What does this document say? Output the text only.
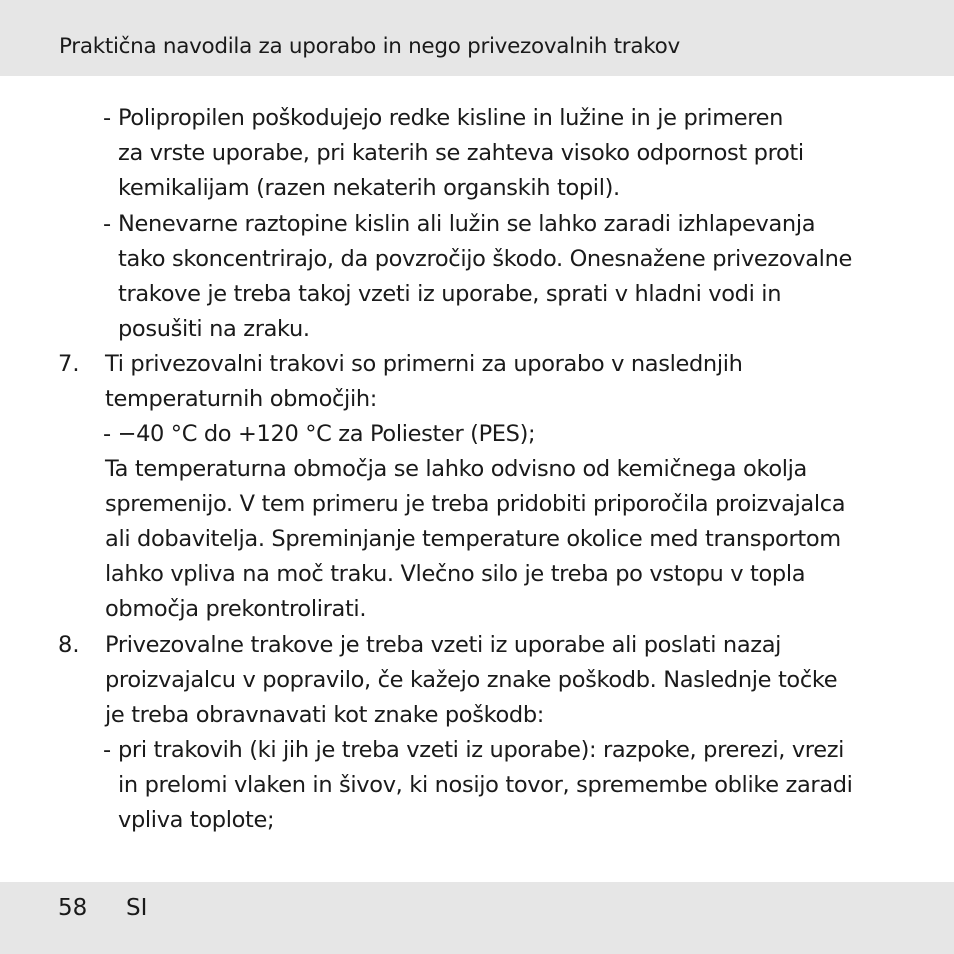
Praktična navodila za uporabo in nego privezovalnih trakov
- Polipropilen poškodujejo redke kisline in lužine in je primeren
za vrste uporabe, pri katerih se zahteva visoko odpornost proti
kemikalijam (razen nekaterih organskih topil).
- Nenevarne raztopine kislin ali lužin se lahko zaradi izhlapevanja
tako skoncentrirajo, da povzročijo škodo. Onesnažene privezovalne
trakove je treba takoj vzeti iz uporabe, sprati v hladni vodi in
posušiti na zraku.
7. Ti privezovalni trakovi so primerni za uporabo v naslednjih
temperaturnih območjih:
- −40 °C do +120 °C za Poliester (PES);
Ta temperaturna območja se lahko odvisno od kemičnega okolja
spremenijo. V tem primeru je treba pridobiti priporočila proizvajalca
ali dobavitelja. Spreminjanje temperature okolice med transportom
lahko vpliva na moč traku. Vlečno silo je treba po vstopu v topla
območja prekontrolirati.
8. Privezovalne trakove je treba vzeti iz uporabe ali poslati nazaj
proizvajalcu v popravilo, če kažejo znake poškodb. Naslednje točke
je treba obravnavati kot znake poškodb:
- pri trakovih (ki jih je treba vzeti iz uporabe): razpoke, prerezi, vrezi
in prelomi vlaken in šivov, ki nosijo tovor, spremembe oblike zaradi
vpliva toplote;
58 SI
